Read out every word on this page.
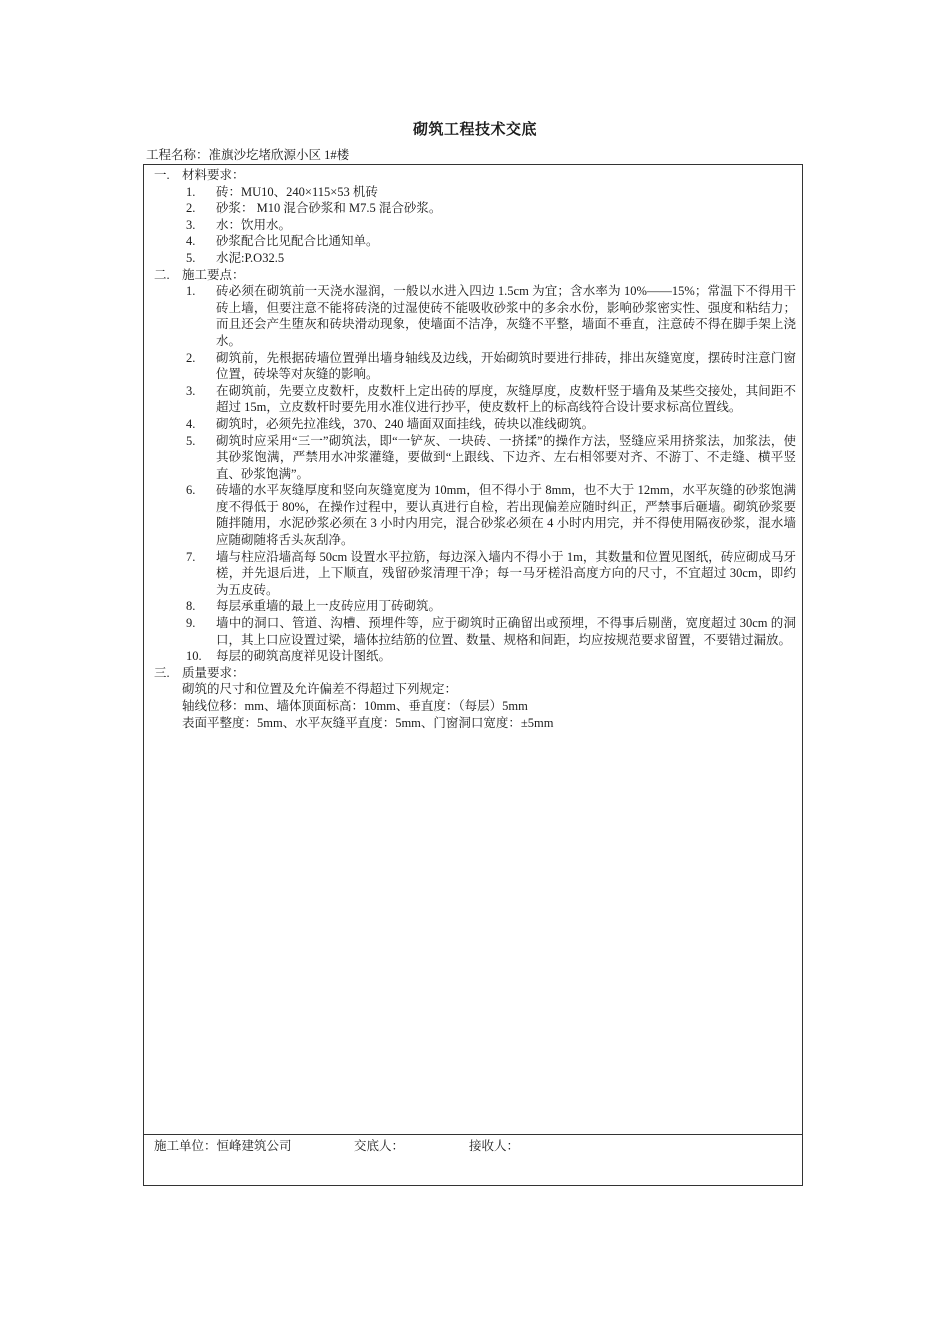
砌筑工程技术交底
工程名称：准旗沙圪堵欣源小区 1#楼
一. 材料要求：
1.	砖：MU10、240×115×53 机砖
2.	砂浆： M10 混合砂浆和 M7.5 混合砂浆。
3.	水：饮用水。
4.	砂浆配合比见配合比通知单。
5.	水泥:P.O32.5
二. 施工要点：
1.	砖必须在砌筑前一天浇水湿润，一般以水进入四边 1.5cm 为宜；含水率为 10%——15%；常温下不得用干砖上墙，但要注意不能将砖浇的过湿使砖不能吸收砂浆中的多余水份，影响砂浆密实性、强度和粘结力；而且还会产生堕灰和砖块滑动现象，使墙面不洁净，灰缝不平整，墙面不垂直，注意砖不得在脚手架上浇水。
2.	砌筑前，先根据砖墙位置弹出墙身轴线及边线，开始砌筑时要进行排砖，排出灰缝宽度，摆砖时注意门窗位置，砖垛等对灰缝的影响。
3.	在砌筑前，先要立皮数杆，皮数杆上定出砖的厚度，灰缝厚度，皮数杆竖于墙角及某些交接处，其间距不超过 15m，立皮数杆时要先用水准仪进行抄平，使皮数杆上的标高线符合设计要求标高位置线。
4.	砌筑时，必须先拉准线，370、240 墙面双面挂线，砖块以准线砌筑。
5.	砌筑时应采用“三一”砌筑法，即“一铲灰、一块砖、一挤揉”的操作方法，竖缝应采用挤浆法，加浆法，使其砂浆饱满，严禁用水冲浆灌缝，要做到“上跟线、下边齐、左右相邻要对齐、不游丁、不走缝、横平竖直、砂浆饱满”。
6.	砖墙的水平灰缝厚度和竖向灰缝宽度为 10mm，但不得小于 8mm，也不大于 12mm，水平灰缝的砂浆饱满度不得低于 80%，在操作过程中，要认真进行自检，若出现偏差应随时纠正，严禁事后砸墙。砌筑砂浆要随拌随用，水泥砂浆必须在 3 小时内用完，混合砂浆必须在 4 小时内用完，并不得使用隔夜砂浆，混水墙应随砌随将舌头灰刮净。
7.	墙与柱应沿墙高每 50cm 设置水平拉筋，每边深入墙内不得小于 1m，其数量和位置见图纸，砖应砌成马牙槎，并先退后进，上下顺直，残留砂浆清理干净；每一马牙槎沿高度方向的尺寸，不宜超过 30cm，即约为五皮砖。
8.	每层承重墙的最上一皮砖应用丁砖砌筑。
9.	墙中的洞口、管道、沟槽、预埋件等，应于砌筑时正确留出或预埋，不得事后剔凿，宽度超过 30cm 的洞口，其上口应设置过梁，墙体拉结筋的位置、数量、规格和间距，均应按规范要求留置，不要错过漏放。
10.	每层的砌筑高度祥见设计图纸。
三. 质量要求：
砌筑的尺寸和位置及允许偏差不得超过下列规定：
轴线位移：mm、墙体顶面标高：10mm、垂直度：（每层）5mm
表面平整度：5mm、水平灰缝平直度：5mm、门窗洞口宽度：±5mm
施工单位：恒峰建筑公司	交底人：	接收人：
